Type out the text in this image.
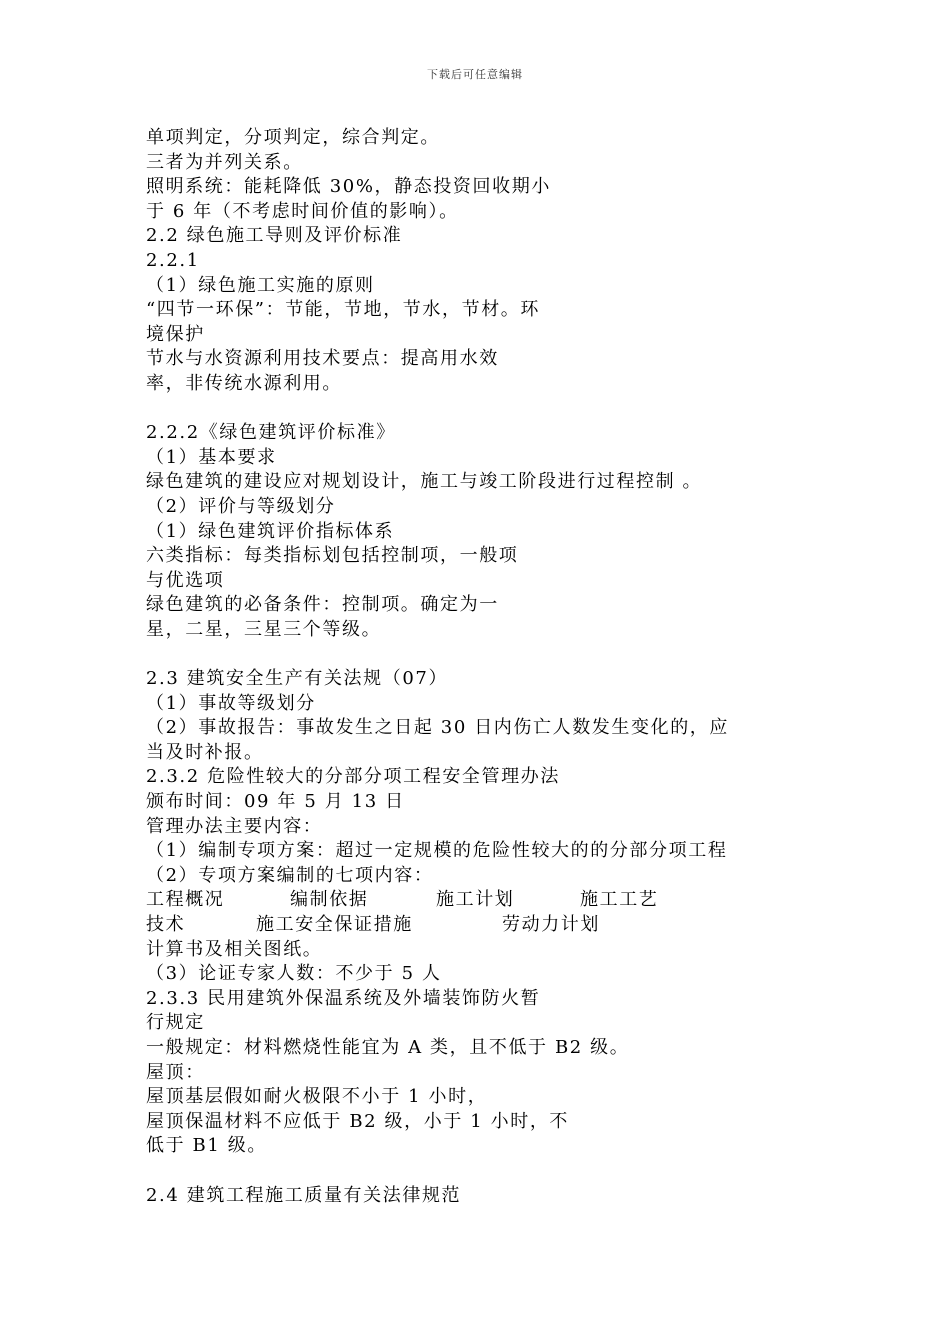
下载后可任意编辑
单项判定，分项判定，综合判定。
三者为并列关系。
照明系统：能耗降低 30%，静态投资回收期小
于 6 年（不考虑时间价值的影响）。
2.2 绿色施工导则及评价标准
2.2.1
（1）绿色施工实施的原则
“四节一环保”：节能，节地，节水，节材。环
境保护
节水与水资源利用技术要点：提高用水效
率，非传统水源利用。
2.2.2《绿色建筑评价标准》
（1）基本要求
绿色建筑的建设应对规划设计，施工与竣工阶段进行过程控制 。
（2）评价与等级划分
（1）绿色建筑评价指标体系
六类指标：每类指标划包括控制项，一般项
与优选项
绿色建筑的必备条件：控制项。确定为一
星，二星，三星三个等级。
2.3 建筑安全生产有关法规（07）
（1）事故等级划分
（2）事故报告：事故发生之日起 30 日内伤亡人数发生变化的，应
当及时补报。
2.3.2 危险性较大的分部分项工程安全管理办法
颁布时间：09 年 5 月 13 日
管理办法主要内容：
（1）编制专项方案：超过一定规模的危险性较大的的分部分项工程
（2）专项方案编制的七项内容：

工程概况

	编制依据

	施工计划

	施工工艺

技术

	施工安全保证措施

	劳动力计划

计算书及相关图纸。
（3）论证专家人数：不少于 5 人
2.3.3 民用建筑外保温系统及外墙装饰防火暂
行规定
一般规定：材料燃烧性能宜为 A 类，且不低于 B2 级。
屋顶：
屋顶基层假如耐火极限不小于 1 小时，
屋顶保温材料不应低于 B2 级，小于 1 小时，不
低于 B1 级。
2.4 建筑工程施工质量有关法律规范
